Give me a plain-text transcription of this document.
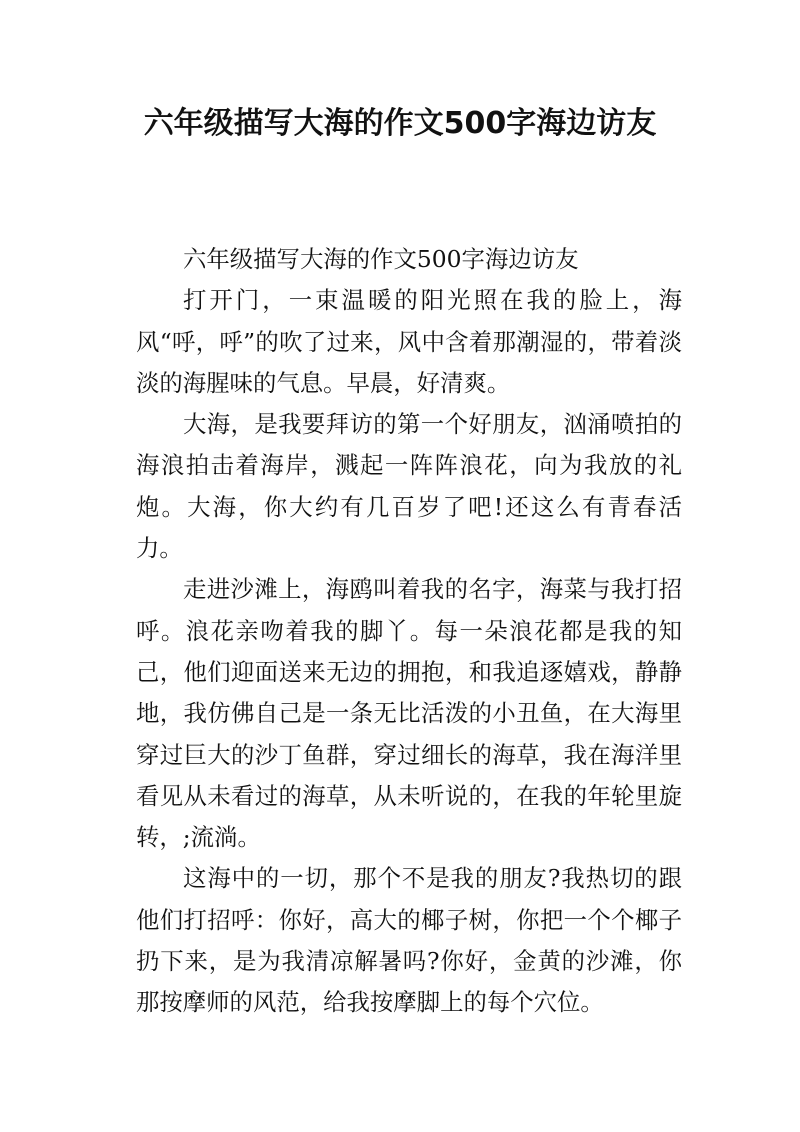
六年级描写大海的作文500字海边访友

六年级描写大海的作文500字海边访友

打开门，一束温暖的阳光照在我的脸上，海风“呼，呼”的吹了过来，风中含着那潮湿的，带着淡淡的海腥味的气息。早晨，好清爽。

大海，是我要拜访的第一个好朋友，汹涌喷拍的海浪拍击着海岸，溅起一阵阵浪花，向为我放的礼炮。大海，你大约有几百岁了吧!还这么有青春活力。

走进沙滩上，海鸥叫着我的名字，海菜与我打招呼。浪花亲吻着我的脚丫。每一朵浪花都是我的知己，他们迎面送来无边的拥抱，和我追逐嬉戏，静静地，我仿佛自己是一条无比活泼的小丑鱼，在大海里穿过巨大的沙丁鱼群，穿过细长的海草，我在海洋里看见从未看过的海草，从未听说的，在我的年轮里旋转，;流淌。

这海中的一切，那个不是我的朋友?我热切的跟他们打招呼：你好，高大的椰子树，你把一个个椰子扔下来，是为我清凉解暑吗?你好，金黄的沙滩，你那按摩师的风范，给我按摩脚上的每个穴位。
